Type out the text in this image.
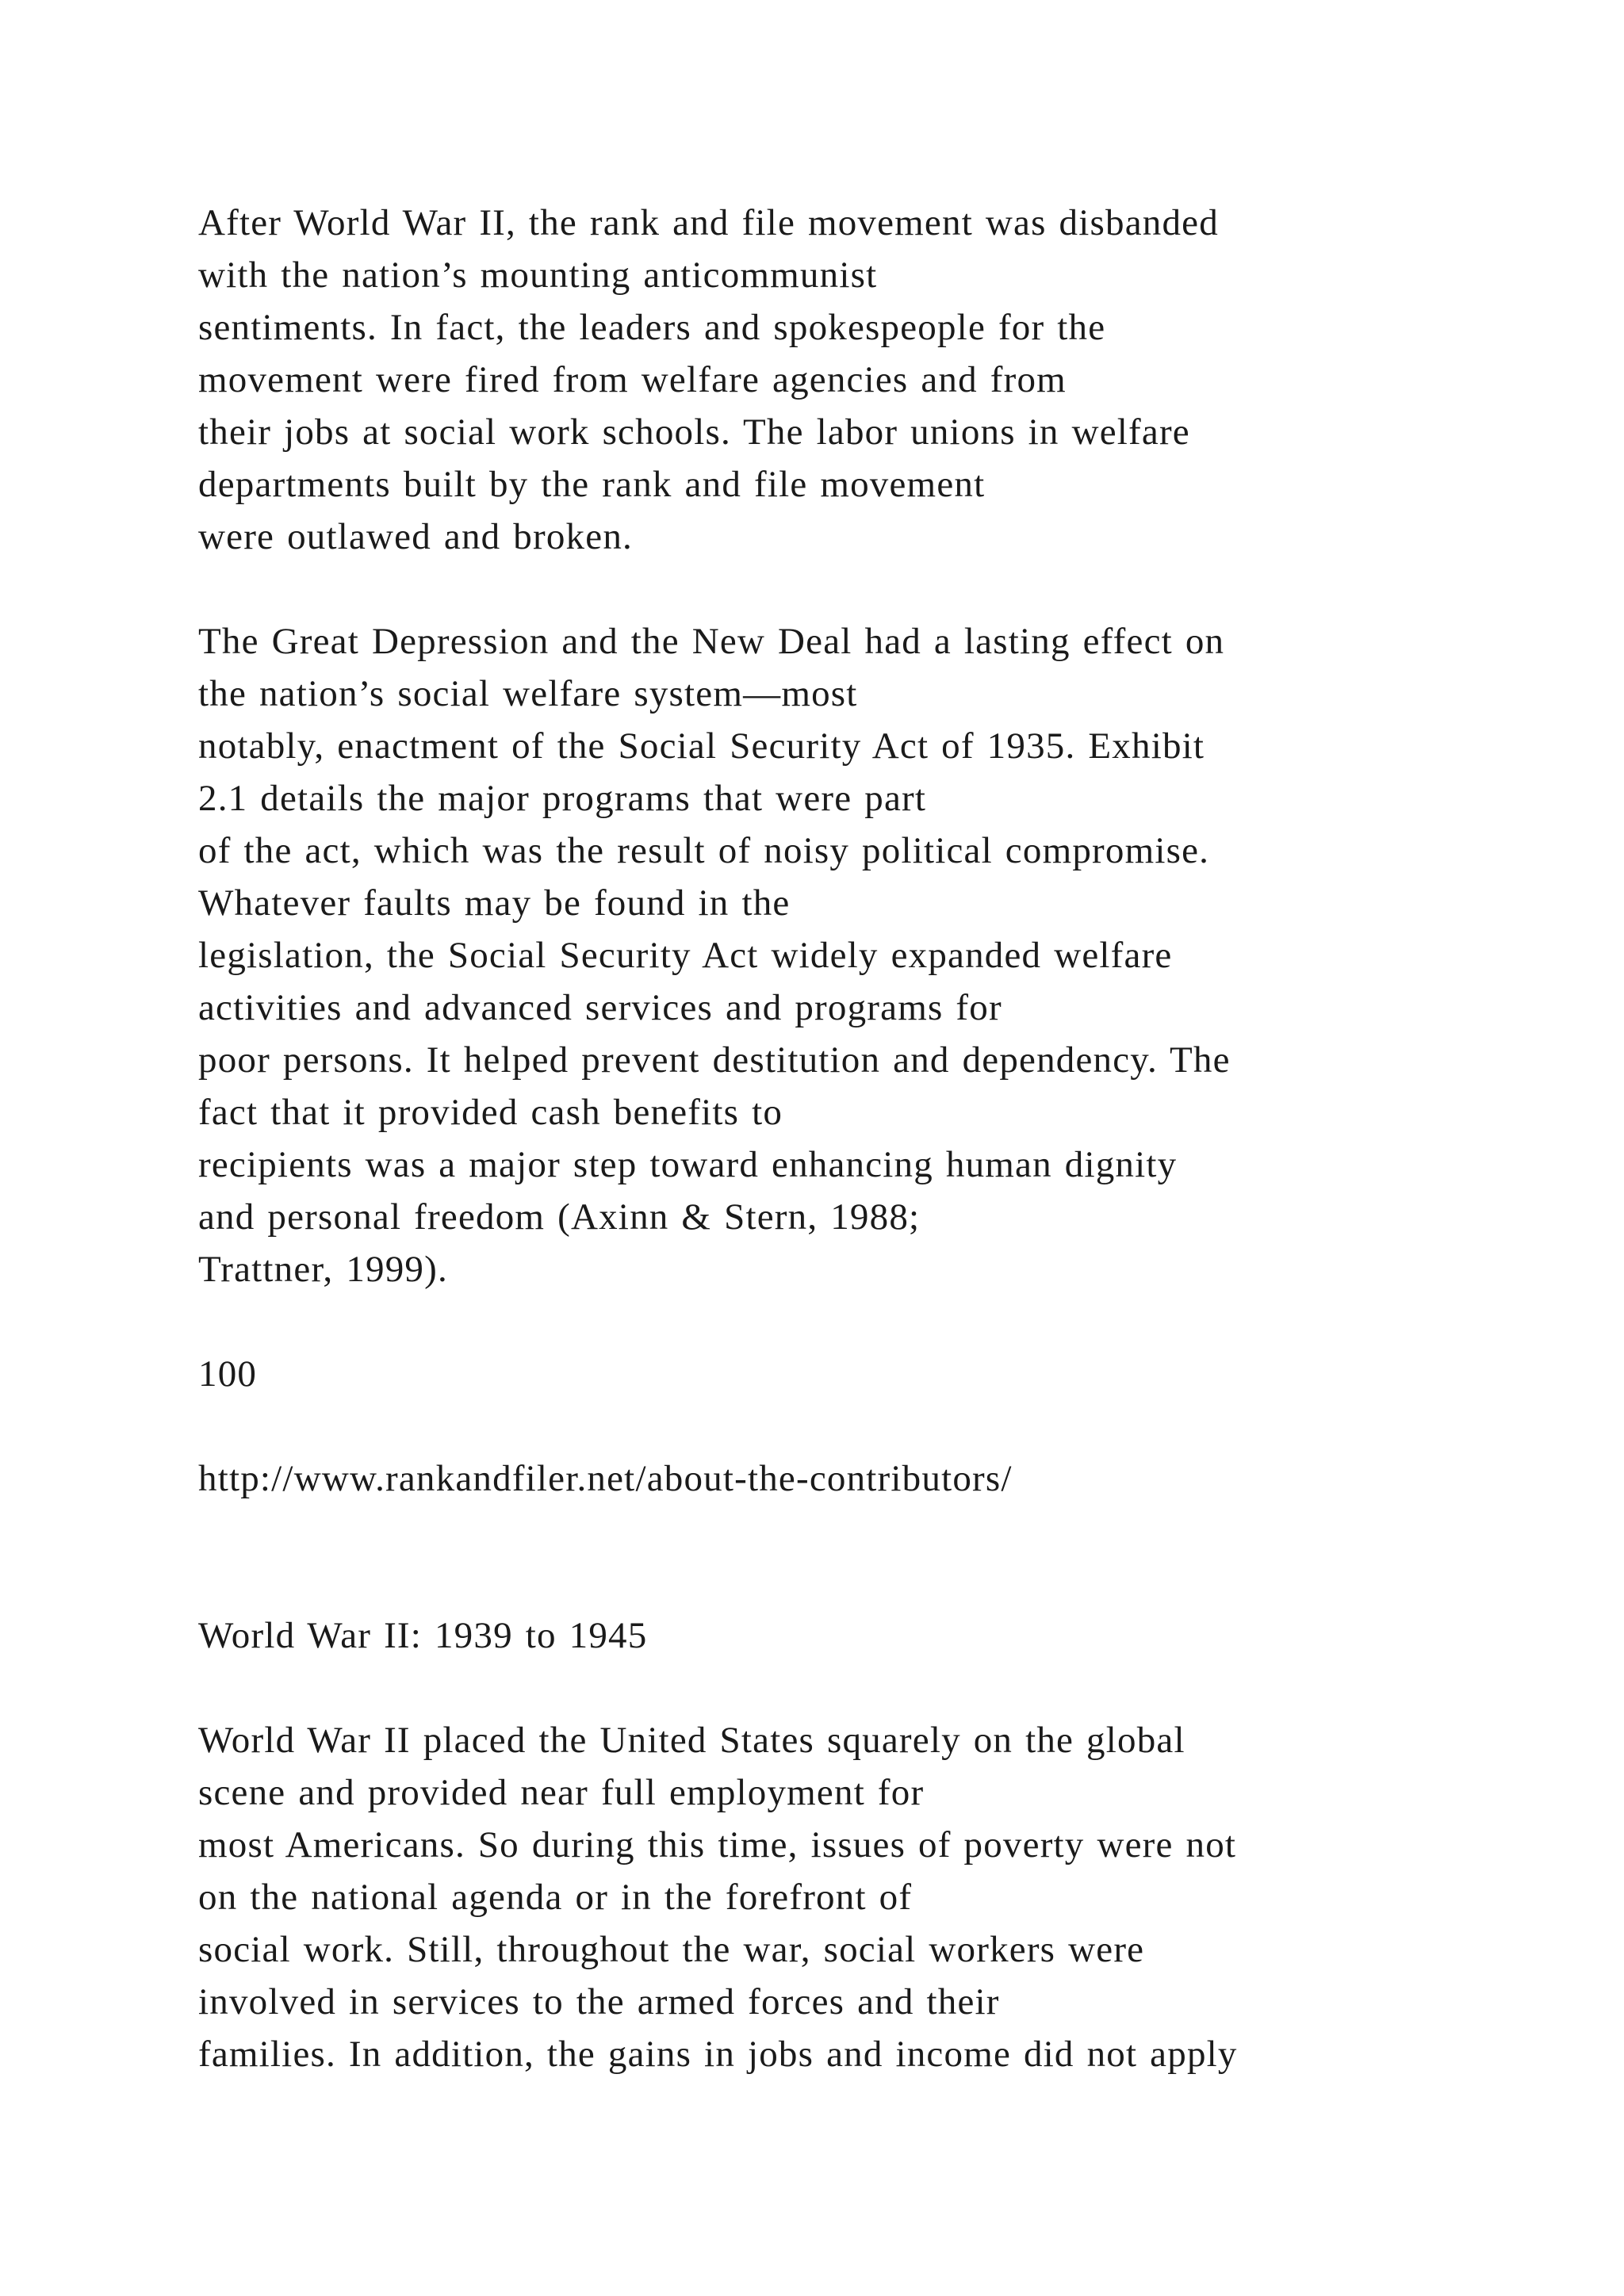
After World War II, the rank and file movement was disbanded
with the nation’s mounting anticommunist
sentiments. In fact, the leaders and spokespeople for the
movement were fired from welfare agencies and from
their jobs at social work schools. The labor unions in welfare
departments built by the rank and file movement
were outlawed and broken.
The Great Depression and the New Deal had a lasting effect on
the nation’s social welfare system—most
notably, enactment of the Social Security Act of 1935. Exhibit
2.1 details the major programs that were part
of the act, which was the result of noisy political compromise.
Whatever faults may be found in the
legislation, the Social Security Act widely expanded welfare
activities and advanced services and programs for
poor persons. It helped prevent destitution and dependency. The
fact that it provided cash benefits to
recipients was a major step toward enhancing human dignity
and personal freedom (Axinn & Stern, 1988;
Trattner, 1999).
100
http://www.rankandfiler.net/about-the-contributors/
World War II: 1939 to 1945
World War II placed the United States squarely on the global
scene and provided near full employment for
most Americans. So during this time, issues of poverty were not
on the national agenda or in the forefront of
social work. Still, throughout the war, social workers were
involved in services to the armed forces and their
families. In addition, the gains in jobs and income did not apply
